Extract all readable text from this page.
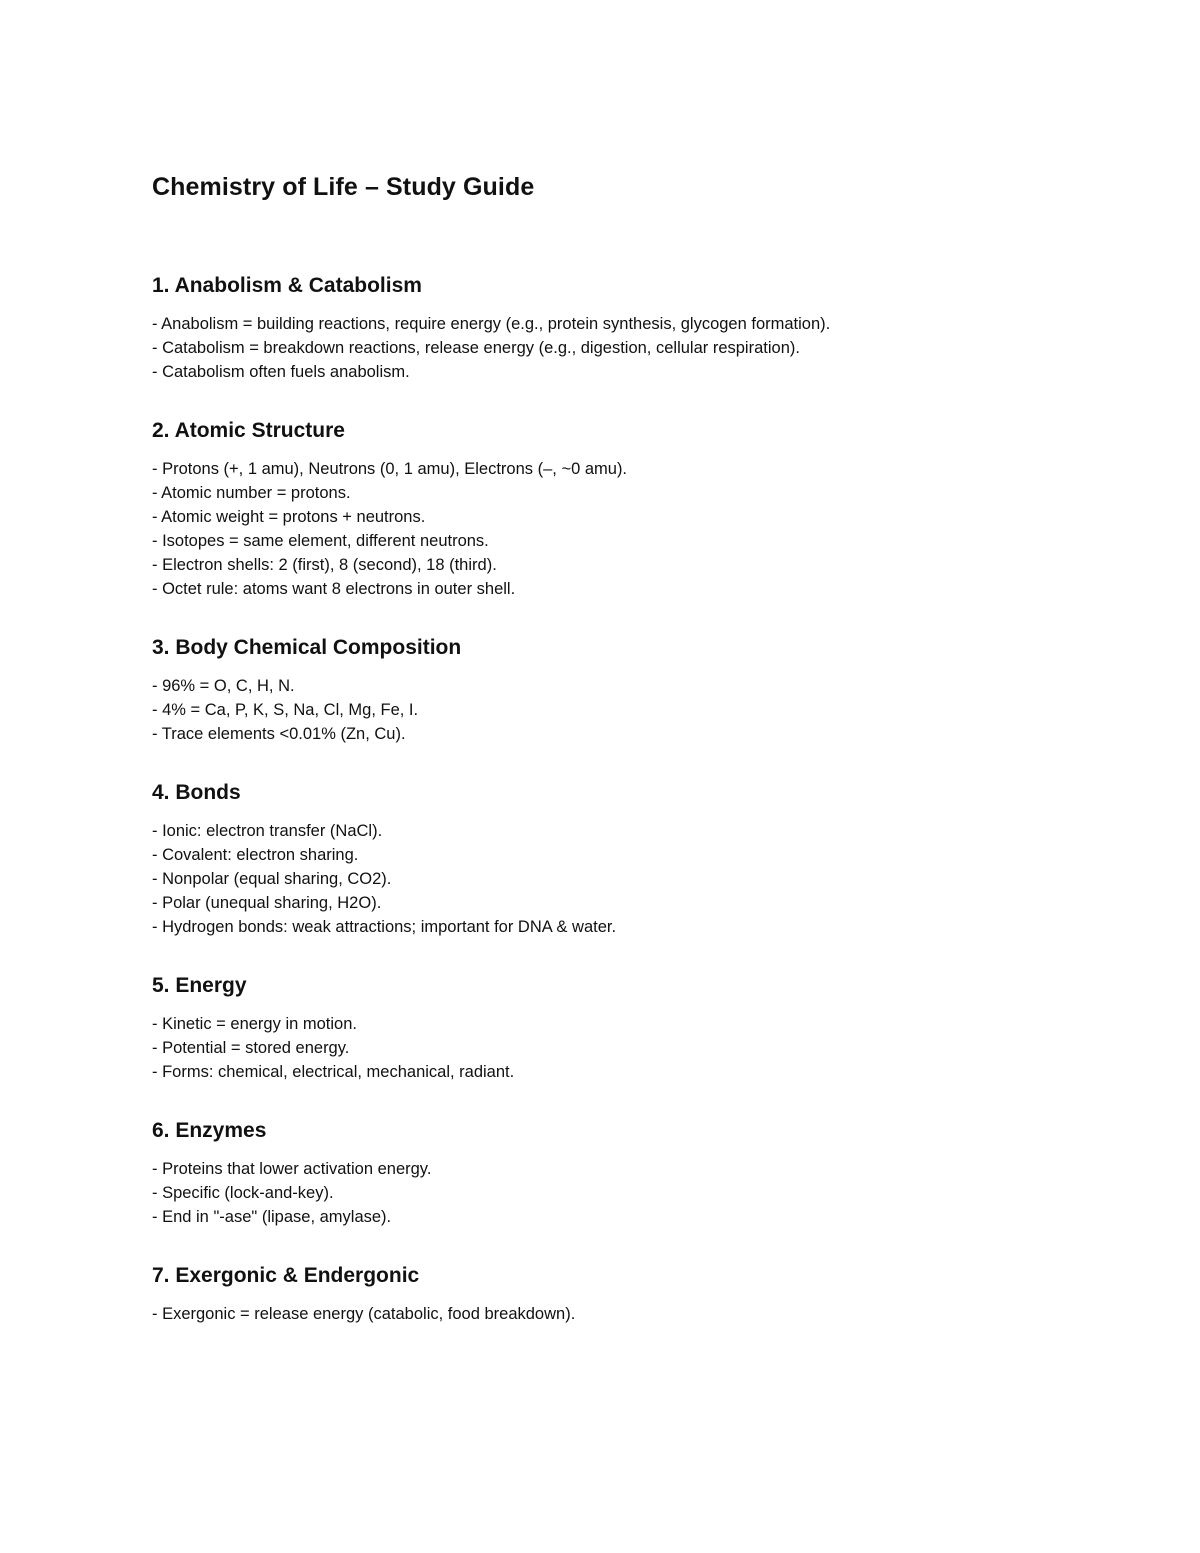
Chemistry of Life – Study Guide
1. Anabolism & Catabolism
- Anabolism = building reactions, require energy (e.g., protein synthesis, glycogen formation).
- Catabolism = breakdown reactions, release energy (e.g., digestion, cellular respiration).
- Catabolism often fuels anabolism.
2. Atomic Structure
- Protons (+, 1 amu), Neutrons (0, 1 amu), Electrons (–, ~0 amu).
- Atomic number = protons.
- Atomic weight = protons + neutrons.
- Isotopes = same element, different neutrons.
- Electron shells: 2 (first), 8 (second), 18 (third).
- Octet rule: atoms want 8 electrons in outer shell.
3. Body Chemical Composition
- 96% = O, C, H, N.
- 4% = Ca, P, K, S, Na, Cl, Mg, Fe, I.
- Trace elements <0.01% (Zn, Cu).
4. Bonds
- Ionic: electron transfer (NaCl).
- Covalent: electron sharing.
- Nonpolar (equal sharing, CO2).
- Polar (unequal sharing, H2O).
- Hydrogen bonds: weak attractions; important for DNA & water.
5. Energy
- Kinetic = energy in motion.
- Potential = stored energy.
- Forms: chemical, electrical, mechanical, radiant.
6. Enzymes
- Proteins that lower activation energy.
- Specific (lock-and-key).
- End in "-ase" (lipase, amylase).
7. Exergonic & Endergonic
- Exergonic = release energy (catabolic, food breakdown).
